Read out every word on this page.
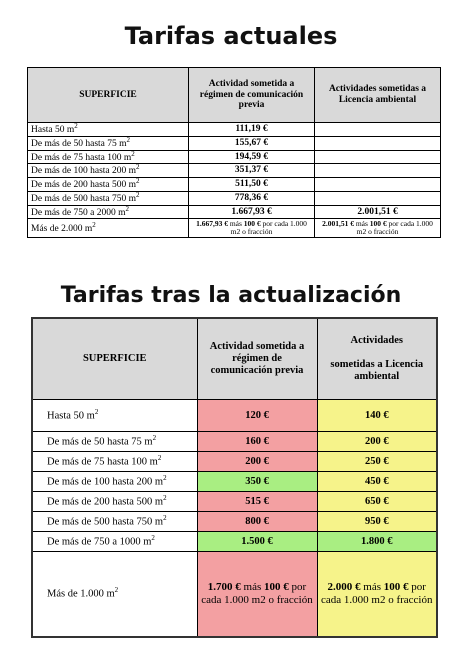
Tarifas actuales
SUPERFICIE	Actividad sometida a régimen de comunicación previa	Actividades sometidas a Licencia ambiental
Hasta 50 $m^2$	111,19 €	
De más de 50 hasta 75 $m^2$	155,67 €	
De más de 75 hasta 100 $m^2$	194,59 €	
De más de 100 hasta 200 $m^2$	351,37 €	
De más de 200 hasta 500 $m^2$	511,50 €	
De más de 500 hasta 750 $m^2$	778,36 €	
De más de 750 a 2000 $m^2$	1.667,93 €	2.001,51 €
Más de 2.000 $m^2$	1.667,93 € más 100 € por cada 1.000 m2 o fracción	2.001,51 € más 100 € por cada 1.000 m2 o fracción
Tarifas tras la actualización
SUPERFICIE	Actividad sometida a régimen de comunicación previa	Actividades
sometidas a Licencia ambiental
Hasta 50 $m^2$	120 €	140 €
De más de 50 hasta 75 $m^2$	160 €	200 €
De más de 75 hasta 100 $m^2$	200 €	250 €
De más de 100 hasta 200 $m^2$	350 €	450 €
De más de 200 hasta 500 $m^2$	515 €	650 €
De más de 500 hasta 750 $m^2$	800 €	950 €
De más de 750 a 1000 $m^2$	1.500 €	1.800 €
Más de 1.000 $m^2$	1.700 € más 100 € por cada 1.000 m2 o fracción	2.000 € más 100 € por cada 1.000 m2 o fracción
